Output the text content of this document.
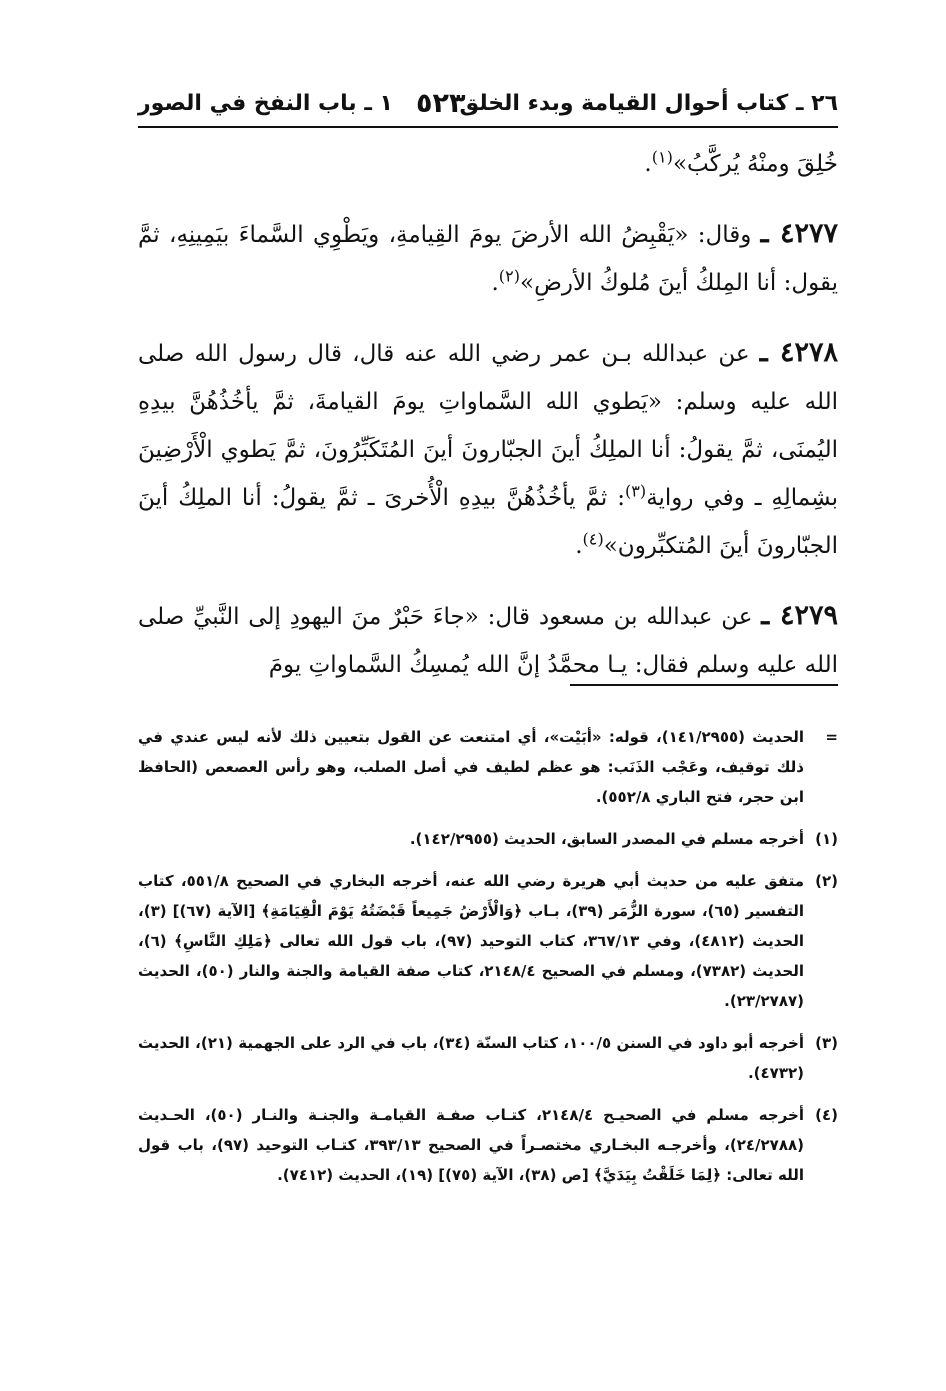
٢٦ ـ كتاب أحوال القيامة وبدء الخلق
٥٢٣
١ ـ باب النفخ في الصور

خُلِقَ ومنْهُ يُركَّبُ»$^{(١)}$.

٤٢٧٧ ـ وقال: «يَقْبِضُ الله الأرضَ يومَ القِيامةِ، ويَطْوِي السَّماءَ بيَمِينِهِ، ثمَّ يقول: أنا المِلكُ أينَ مُلوكُ الأرضِ»$^{(٢)}$.

٤٢٧٨ ـ عن عبدالله بـن عمر رضي الله عنه قال، قال رسول الله صلى الله عليه وسلم: «يَطوي الله السَّماواتِ يومَ القيامةَ، ثمَّ يأخُذُهُنَّ بيدِهِ اليُمنَى، ثمَّ يقولُ: أنا الملِكُ أينَ الجبّارونَ أينَ المُتَكَبِّرُونَ، ثمَّ يَطوي الْأَرْضِينَ بشِمالِهِ ـ وفي رواية$^{(٣)}$: ثمَّ يأخُذُهُنَّ بيدِهِ الْأُخرىَ ـ ثمَّ يقولُ: أنا الملِكُ أينَ الجبّارونَ أينَ المُتكبِّرون»$^{(٤)}$.

٤٢٧٩ ـ عن عبدالله بن مسعود قال: «جاءَ حَبْرٌ منَ اليهودِ إلى النَّبيِّ صلى الله عليه وسلم فقال: يـا محمَّدُ إنَّ الله يُمسِكُ السَّماواتِ يومَ

=
الحديث (١٤١/٢٩٥٥)، قوله: «أبَيْت»، أي امتنعت عن القول بتعيين ذلك لأنه ليس عندي في ذلك توقيف، وعَجْب الذَنَب: هو عظم لطيف في أصل الصلب، وهو رأس العصعص (الحافظ ابن حجر، فتح الباري ٥٥٢/٨).

(١)
أخرجه مسلم في المصدر السابق، الحديث (١٤٢/٢٩٥٥).

(٢)
متفق عليه من حديث أبي هريرة رضي الله عنه، أخرجه البخاري في الصحيح ٥٥١/٨، كتاب التفسير (٦٥)، سورة الزُّمَر (٣٩)، بـاب ﴿وَالْأَرْضُ جَمِيعاً قَبْضَتُهُ يَوْمَ الْقِيَامَةِ﴾ [الآية (٦٧)] (٣)، الحديث (٤٨١٢)، وفي ٣٦٧/١٣، كتاب التوحيد (٩٧)، باب قول الله تعالى ﴿مَلِكِ النَّاسِ﴾ (٦)، الحديث (٧٣٨٢)، ومسلم في الصحيح ٢١٤٨/٤، كتاب صفة القيامة والجنة والنار (٥٠)، الحديث (٢٣/٢٧٨٧).

(٣)
أخرجه أبو داود في السنن ١٠٠/٥، كتاب السنّة (٣٤)، باب في الرد على الجهمية (٢١)، الحديث (٤٧٣٢).

(٤)
أخرجه مسلم في الصحيـح ٢١٤٨/٤، كتـاب صفـة القيامـة والجنـة والنـار (٥٠)، الحـديث (٢٤/٢٧٨٨)، وأخرجـه البخـاري مختصـراً في الصحيح ٣٩٣/١٣، كتـاب التوحيد (٩٧)، باب قول الله تعالى: ﴿لِمَا خَلَقْتُ بِيَدَيَّ﴾ [ص (٣٨)، الآية (٧٥)] (١٩)، الحديث (٧٤١٢).
